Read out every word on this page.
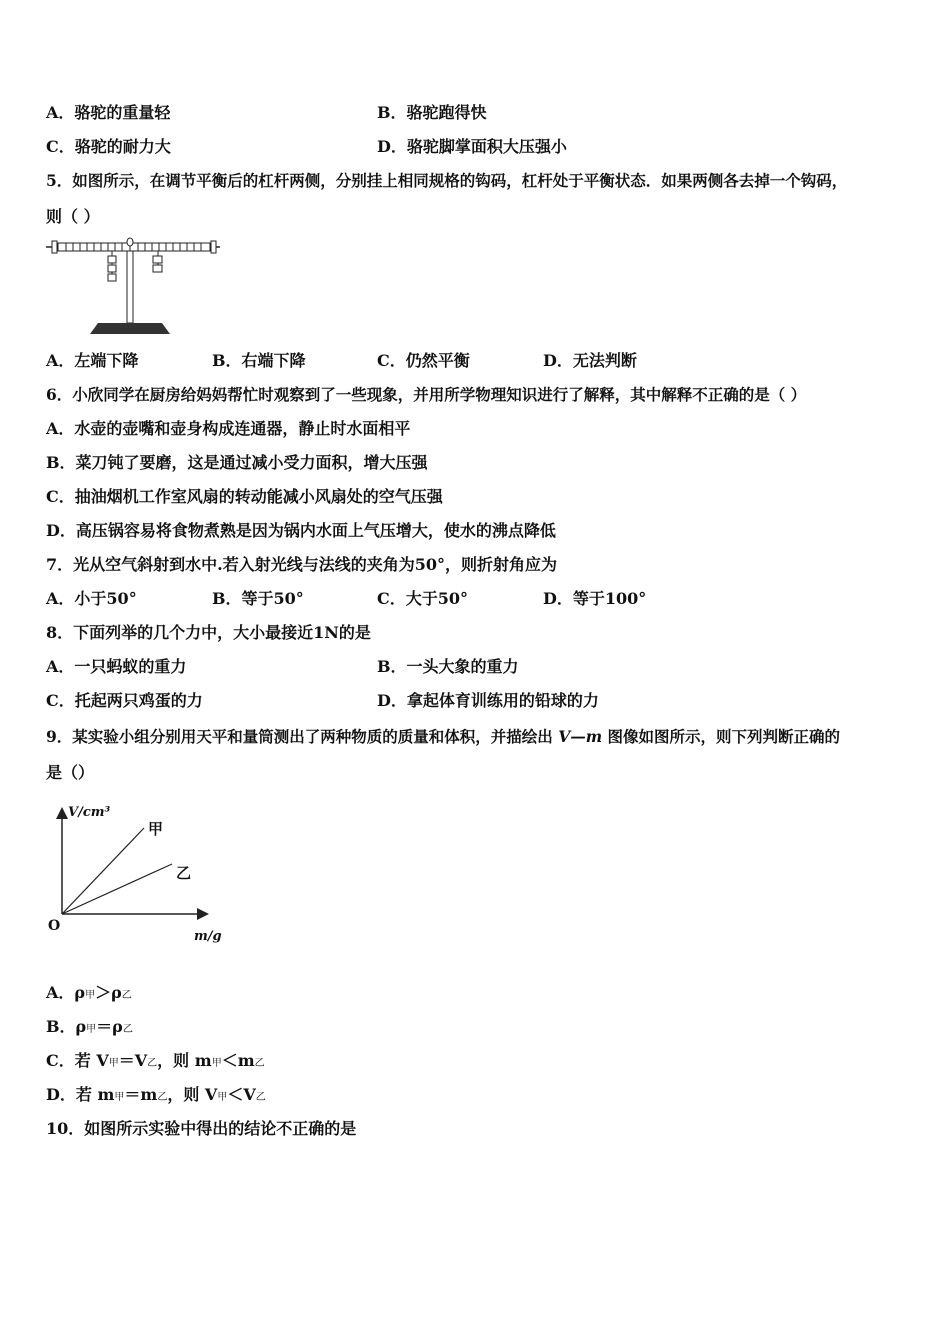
A．骆驼的重量轻	B．骆驼跑得快
C．骆驼的耐力大	D．骆驼脚掌面积大压强小
5．如图所示，在调节平衡后的杠杆两侧，分别挂上相同规格的钩码，杠杆处于平衡状态．如果两侧各去掉一个钩码，
则（ ）
A．左端下降	B．右端下降	C．仍然平衡	D．无法判断
6．小欣同学在厨房给妈妈帮忙时观察到了一些现象，并用所学物理知识进行了解释，其中解释不正确的是（ ）
A．水壶的壶嘴和壶身构成连通器，静止时水面相平
B．菜刀钝了要磨，这是通过减小受力面积，增大压强
C．抽油烟机工作室风扇的转动能减小风扇处的空气压强
D．高压锅容易将食物煮熟是因为锅内水面上气压增大，使水的沸点降低
7．光从空气斜射到水中.若入射光线与法线的夹角为50°，则折射角应为
A．小于50°	B．等于50°	C．大于50°	D．等于100°
8．下面列举的几个力中，大小最接近1N的是
A．一只蚂蚁的重力	B．一头大象的重力
C．托起两只鸡蛋的力	D．拿起体育训练用的铅球的力
9．某实验小组分别用天平和量筒测出了两种物质的质量和体积，并描绘出 V—m 图像如图所示，则下列判断正确的
是（）
V/cm³
m/g
O
甲
乙
A．ρ甲＞ρ乙
B．ρ甲＝ρ乙
C．若 V甲＝V乙，则 m甲＜m乙
D．若 m甲＝m乙，则 V甲＜V乙
10．如图所示实验中得出的结论不正确的是
